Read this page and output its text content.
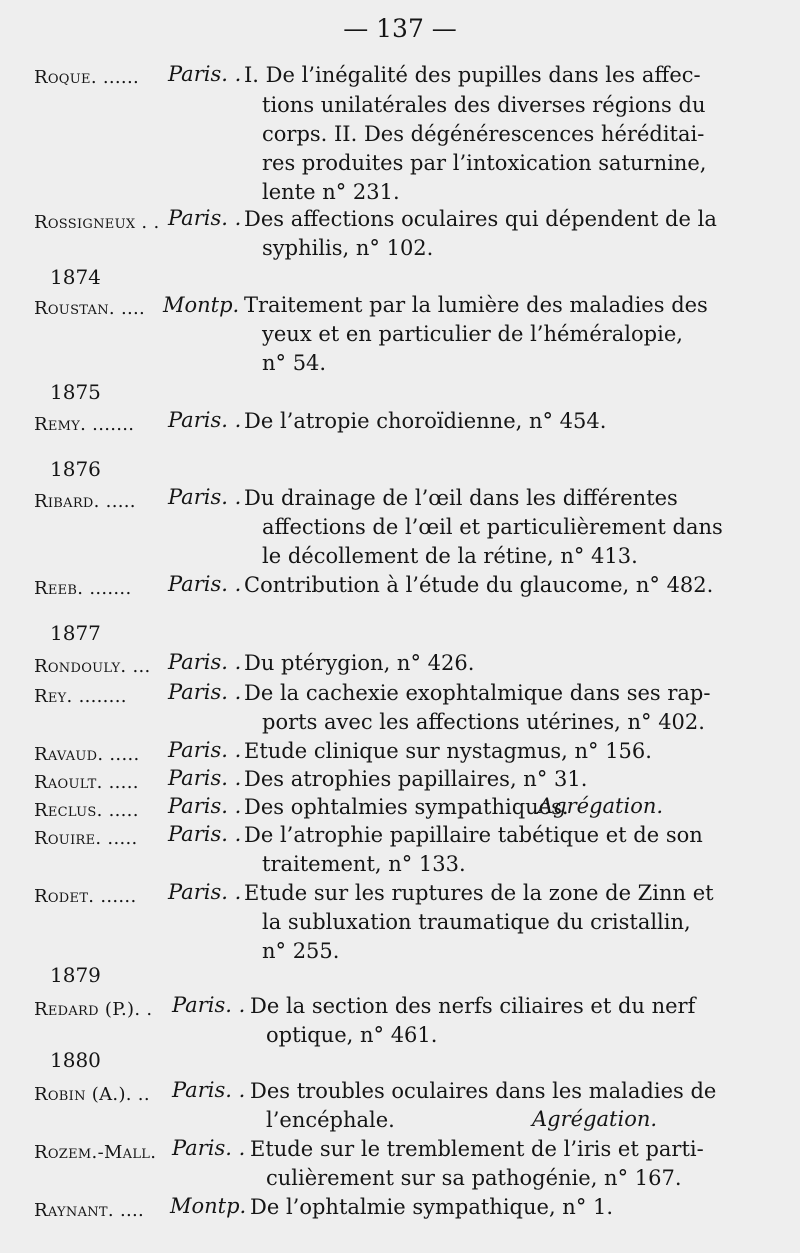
— 137 —
Roque. ...... Paris. . I. De l’inégalité des pupilles dans les affec-
tions unilatérales des diverses régions du
corps. II. Des dégénérescences héréditai-
res produites par l’intoxication saturnine,
lente n° 231.
Rossigneux . . Paris. . Des affections oculaires qui dépendent de la
syphilis, n° 102.
1874
Roustan. .... Montp. Traitement par la lumière des maladies des
yeux et en particulier de l’héméralopie,
n° 54.
1875
Remy. ....... Paris. . De l’atropie choroïdienne, n° 454.
1876
Ribard. ..... Paris. . Du drainage de l’œil dans les différentes
affections de l’œil et particulièrement dans
le décollement de la rétine, n° 413.
Reeb. ....... Paris. . Contribution à l’étude du glaucome, n° 482.
1877
Rondouly. ... Paris. . Du ptérygion, n° 426.
Rey. ........ Paris. . De la cachexie exophtalmique dans ses rap-
ports avec les affections utérines, n° 402.
Ravaud. ..... Paris. . Etude clinique sur nystagmus, n° 156.
Raoult. ..... Paris. . Des atrophies papillaires, n° 31.
Reclus. ..... Paris. . Des ophtalmies sympathiques.
Agrégation.
Rouire. ..... Paris. . De l’atrophie papillaire tabétique et de son
traitement, n° 133.
Rodet. ...... Paris. . Etude sur les ruptures de la zone de Zinn et
la subluxation traumatique du cristallin,
n° 255.
1879
Redard (P.). . Paris. . De la section des nerfs ciliaires et du nerf
optique, n° 461.
1880
Robin (A.). .. Paris. . Des troubles oculaires dans les maladies de
l’encéphale.	Agrégation.
Rozem.-Mall. Paris. . Etude sur le tremblement de l’iris et parti-
culièrement sur sa pathogénie, n° 167.
Raynant. .... Montp. De l’ophtalmie sympathique, n° 1.
